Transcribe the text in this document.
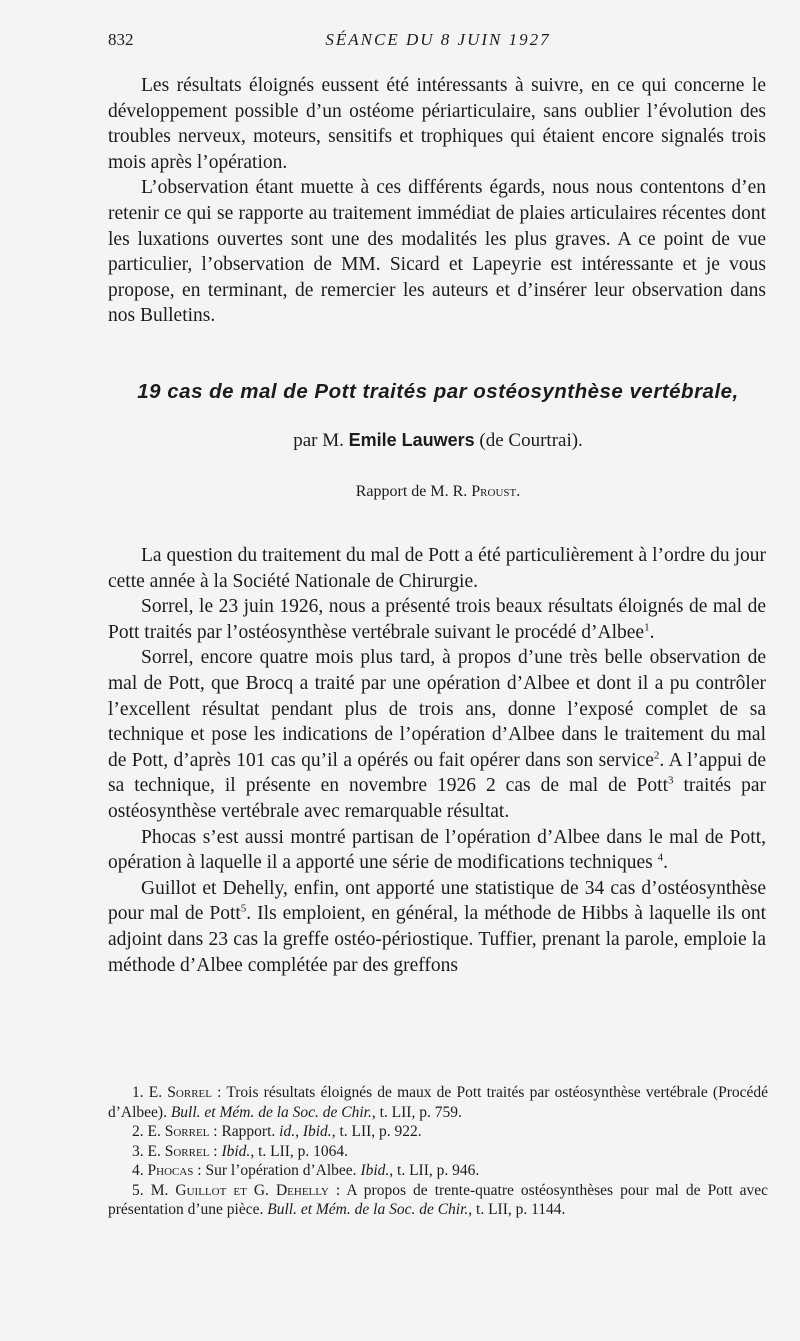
832	SÉANCE DU 8 JUIN 1927

Les résultats éloignés eussent été intéressants à suivre, en ce qui concerne le développement possible d’un ostéome périarticulaire, sans oublier l’évolution des troubles nerveux, moteurs, sensitifs et trophiques qui étaient encore signalés trois mois après l’opération.

L’observation étant muette à ces différents égards, nous nous contentons d’en retenir ce qui se rapporte au traitement immédiat de plaies articulaires récentes dont les luxations ouvertes sont une des modalités les plus graves. A ce point de vue particulier, l’observation de MM. Sicard et Lapeyrie est intéressante et je vous propose, en terminant, de remercier les auteurs et d’insérer leur observation dans nos Bulletins.

19 cas de mal de Pott traités par ostéosynthèse vertébrale,
par M. Emile Lauwers (de Courtrai).
Rapport de M. R. Proust.

La question du traitement du mal de Pott a été particulièrement à l’ordre du jour cette année à la Société Nationale de Chirurgie.

Sorrel, le 23 juin 1926, nous a présenté trois beaux résultats éloignés de mal de Pott traités par l’ostéosynthèse vertébrale suivant le procédé d’Albee$^1$.

Sorrel, encore quatre mois plus tard, à propos d’une très belle observation de mal de Pott, que Brocq a traité par une opération d’Albee et dont il a pu contrôler l’excellent résultat pendant plus de trois ans, donne l’exposé complet de sa technique et pose les indications de l’opération d’Albee dans le traitement du mal de Pott, d’après 101 cas qu’il a opérés ou fait opérer dans son service$^2$. A l’appui de sa technique, il présente en novembre 1926 2 cas de mal de Pott$^3$ traités par ostéosynthèse vertébrale avec remarquable résultat.

Phocas s’est aussi montré partisan de l’opération d’Albee dans le mal de Pott, opération à laquelle il a apporté une série de modifications techniques $^4$.

Guillot et Dehelly, enfin, ont apporté une statistique de 34 cas d’ostéosynthèse pour mal de Pott$^5$. Ils emploient, en général, la méthode de Hibbs à laquelle ils ont adjoint dans 23 cas la greffe ostéo-périostique. Tuffier, prenant la parole, emploie la méthode d’Albee complétée par des greffons

1. E. Sorrel : Trois résultats éloignés de maux de Pott traités par ostéosynthèse vertébrale (Procédé d’Albee). Bull. et Mém. de la Soc. de Chir., t. LII, p. 759.

2. E. Sorrel : Rapport. id., Ibid., t. LII, p. 922.

3. E. Sorrel : Ibid., t. LII, p. 1064.

4. Phocas : Sur l’opération d’Albee. Ibid., t. LII, p. 946.

5. M. Guillot et G. Dehelly : A propos de trente-quatre ostéosynthèses pour mal de Pott avec présentation d’une pièce. Bull. et Mém. de la Soc. de Chir., t. LII, p. 1144.
